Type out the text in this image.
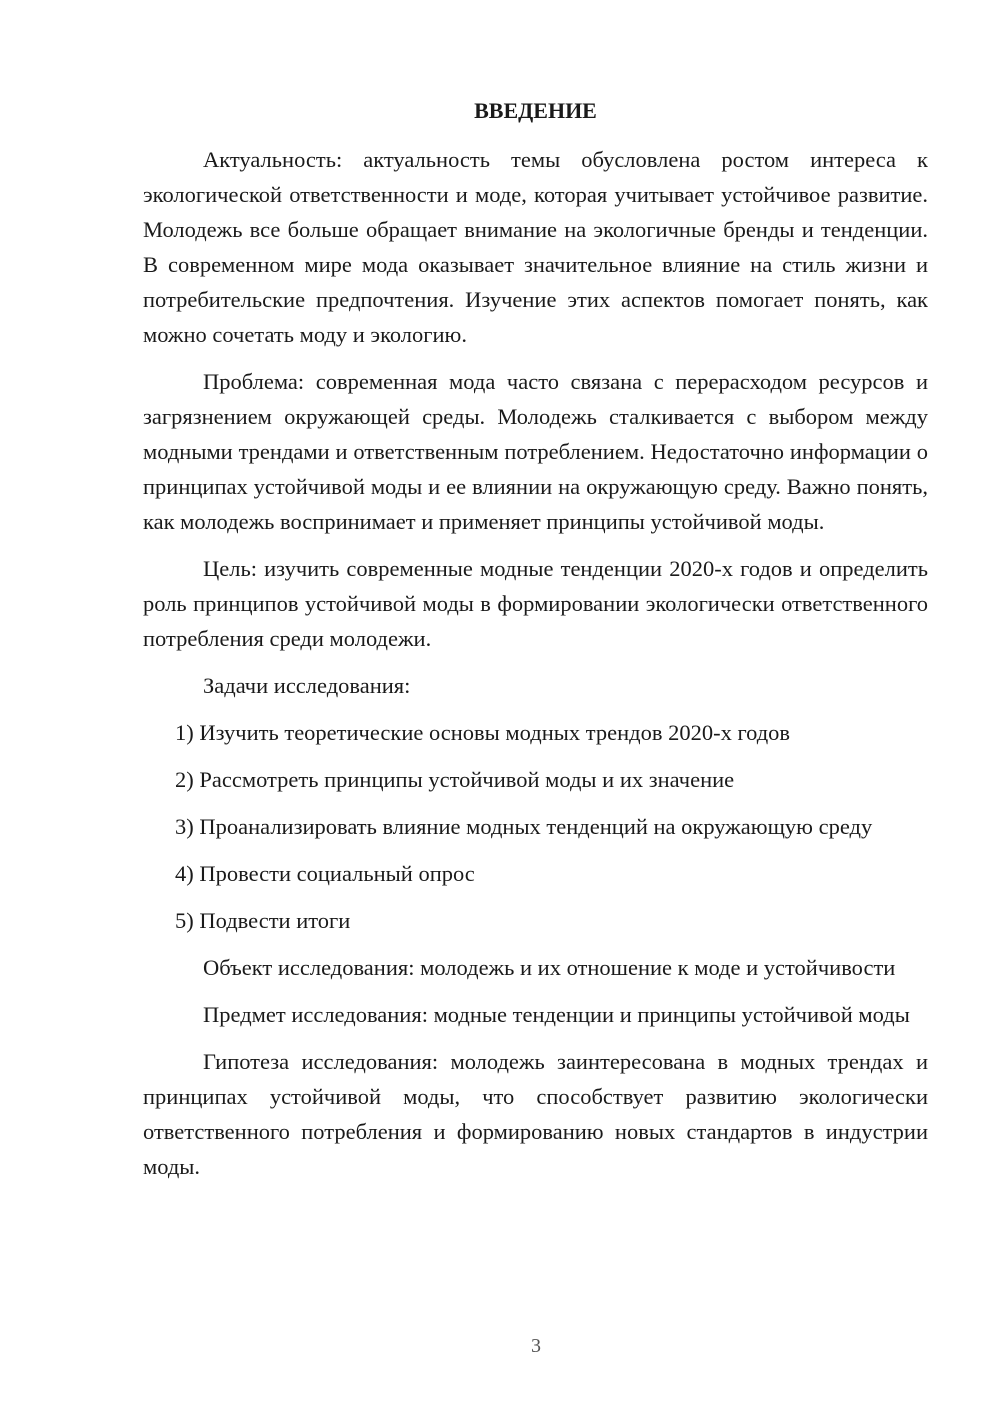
ВВЕДЕНИЕ

Актуальность: актуальность темы обусловлена ростом интереса к экологической ответственности и моде, которая учитывает устойчивое развитие. Молодежь все больше обращает внимание на экологичные бренды и тенденции. В современном мире мода оказывает значительное влияние на стиль жизни и потребительские предпочтения. Изучение этих аспектов помогает понять, как можно сочетать моду и экологию.

Проблема: современная мода часто связана с перерасходом ресурсов и загрязнением окружающей среды. Молодежь сталкивается с выбором между модными трендами и ответственным потреблением. Недостаточно информации о принципах устойчивой моды и ее влиянии на окружающую среду. Важно понять, как молодежь воспринимает и применяет принципы устойчивой моды.

Цель: изучить современные модные тенденции 2020-х годов и определить роль принципов устойчивой моды в формировании экологически ответственного потребления среди молодежи.

Задачи исследования:

1) Изучить теоретические основы модных трендов 2020-х годов

2) Рассмотреть принципы устойчивой моды и их значение

3) Проанализировать влияние модных тенденций на окружающую среду

4) Провести социальный опрос

5) Подвести итоги

Объект исследования: молодежь и их отношение к моде и устойчивости

Предмет исследования: модные тенденции и принципы устойчивой моды

Гипотеза исследования: молодежь заинтересована в модных трендах и принципах устойчивой моды, что способствует развитию экологически ответственного потребления и формированию новых стандартов в индустрии моды.

3
